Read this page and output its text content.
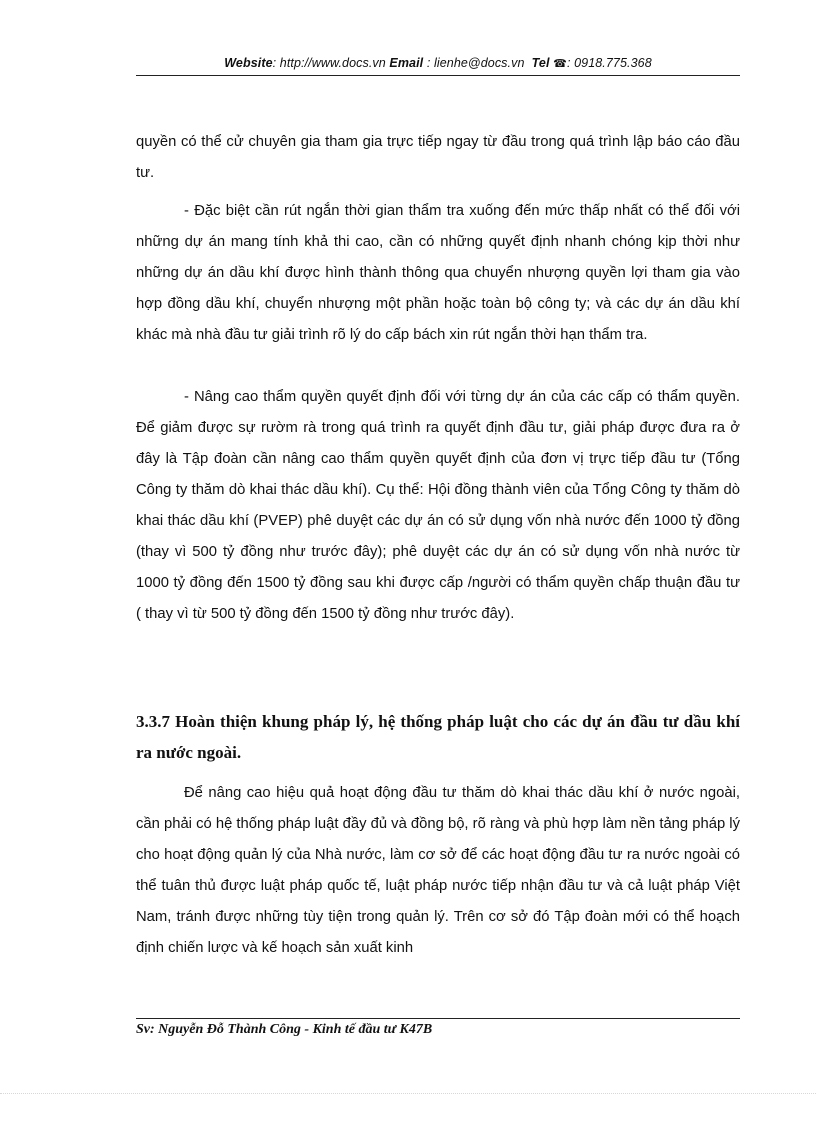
Website: http://www.docs.vn Email : lienhe@docs.vn Tel ☎: 0918.775.368

quyền có thể cử chuyên gia tham gia trực tiếp ngay từ đầu trong quá trình lập báo cáo đầu tư.

- Đặc biệt cần rút ngắn thời gian thẩm tra xuống đến mức thấp nhất có thể đối với những dự án mang tính khả thi cao, cần có những quyết định nhanh chóng kịp thời như những dự án dầu khí được hình thành thông qua chuyển nhượng quyền lợi tham gia vào hợp đồng dầu khí, chuyển nhượng một phần hoặc toàn bộ công ty; và các dự án dầu khí khác mà nhà đầu tư giải trình rõ lý do cấp bách xin rút ngắn thời hạn thẩm tra.

- Nâng cao thẩm quyền quyết định đối với từng dự án của các cấp có thẩm quyền. Để giảm được sự rườm rà trong quá trình ra quyết định đầu tư, giải pháp được đưa ra ở đây là Tập đoàn cần nâng cao thẩm quyền quyết định của đơn vị trực tiếp đầu tư (Tổng Công ty thăm dò khai thác dầu khí). Cụ thể: Hội đồng thành viên của Tổng Công ty thăm dò khai thác dầu khí (PVEP) phê duyệt các dự án có sử dụng vốn nhà nước đến 1000 tỷ đồng (thay vì 500 tỷ đồng như trước đây); phê duyệt các dự án có sử dụng vốn nhà nước từ 1000 tỷ đồng đến 1500 tỷ đồng sau khi được cấp /người có thẩm quyền chấp thuận đầu tư ( thay vì từ 500 tỷ đồng đến 1500 tỷ đồng như trước đây).

3.3.7 Hoàn thiện khung pháp lý, hệ thống pháp luật cho các dự án đầu tư dầu khí ra nước ngoài.

Để nâng cao hiệu quả hoạt động đầu tư thăm dò khai thác dầu khí ở nước ngoài, cần phải có hệ thống pháp luật đầy đủ và đồng bộ, rõ ràng và phù hợp làm nền tảng pháp lý cho hoạt động quản lý của Nhà nước, làm cơ sở để các hoạt động đầu tư ra nước ngoài có thể tuân thủ được luật pháp quốc tế, luật pháp nước tiếp nhận đầu tư và cả luật pháp Việt Nam, tránh được những tùy tiện trong quản lý. Trên cơ sở đó Tập đoàn mới có thể hoạch định chiến lược và kế hoạch sản xuất kinh

Sv: Nguyễn Đỗ Thành Công - Kinh tế đầu tư K47B
